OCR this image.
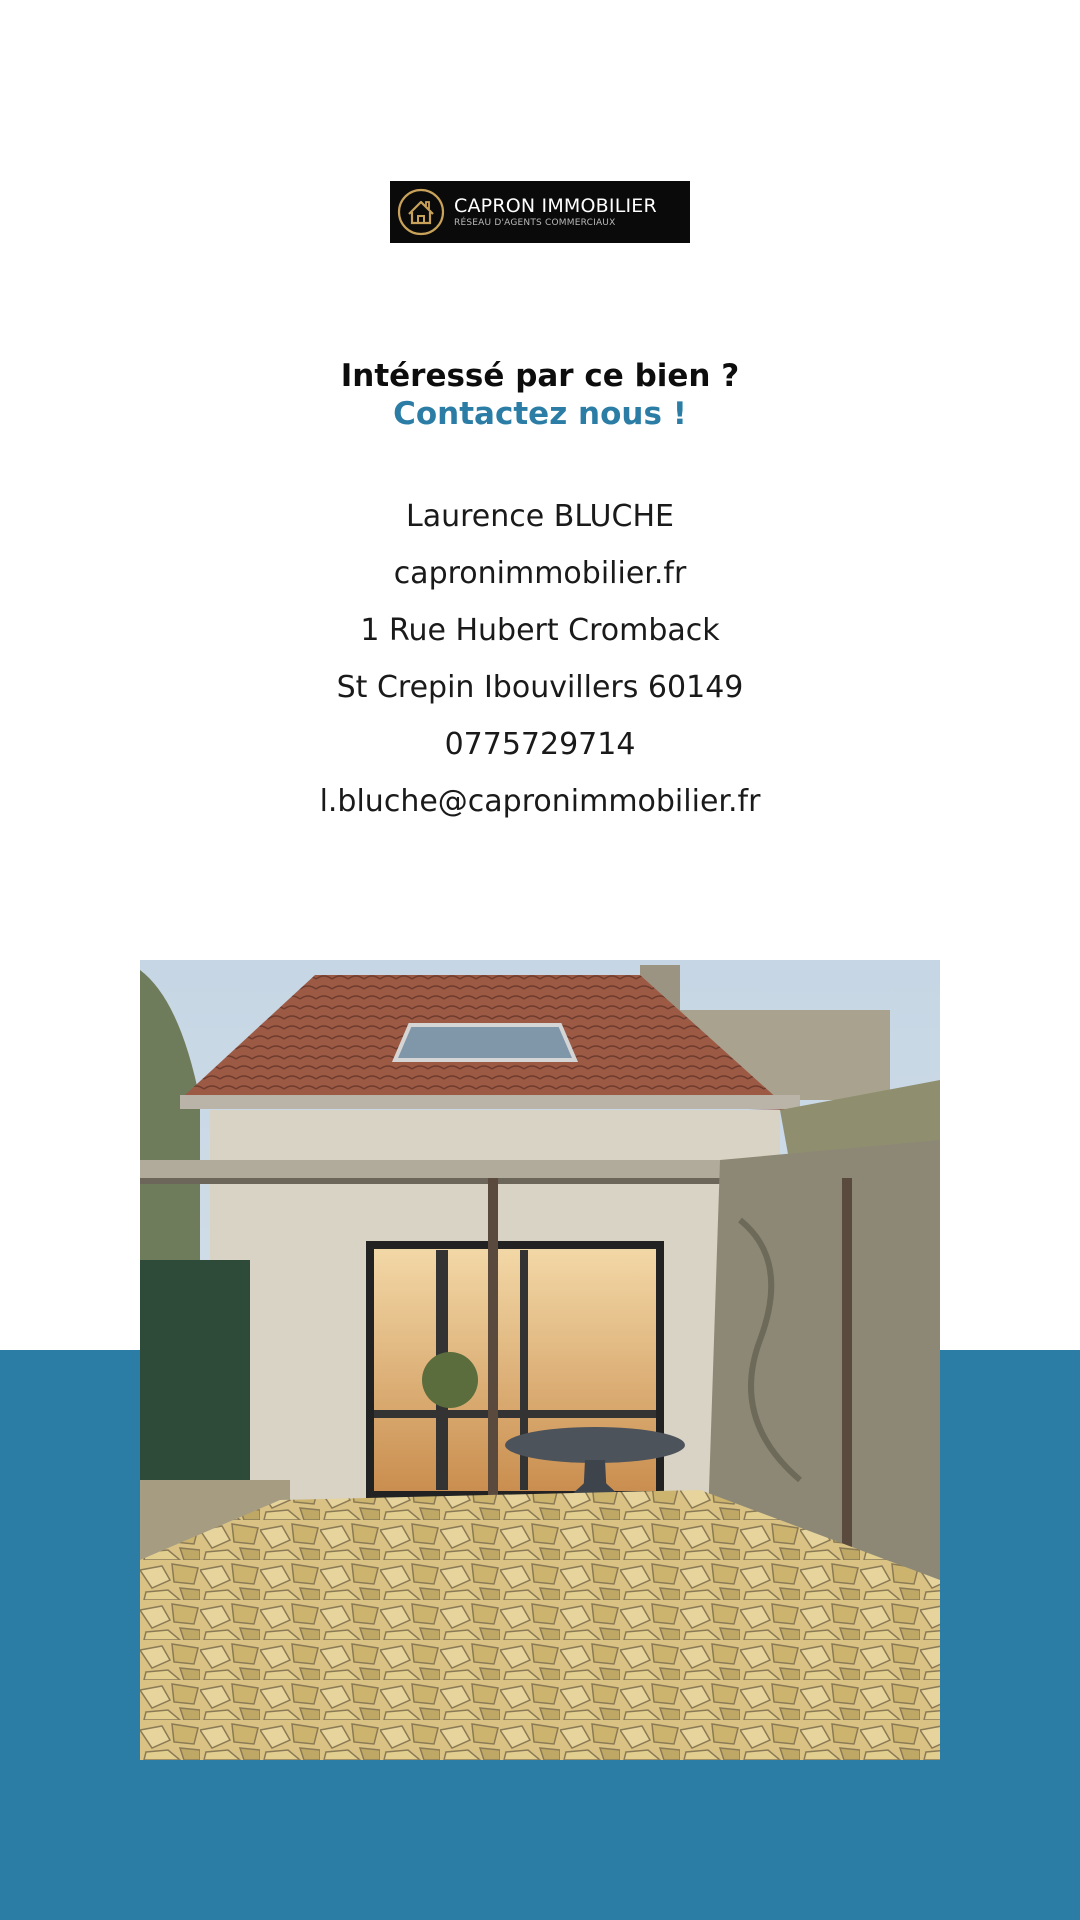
CAPRON IMMOBILIER
RÉSEAU D'AGENTS COMMERCIAUX
Intéressé par ce bien ?
Contactez nous !
Laurence BLUCHE
capronimmobilier.fr
1 Rue Hubert Cromback
St Crepin Ibouvillers 60149
0775729714
l.bluche@capronimmobilier.fr
